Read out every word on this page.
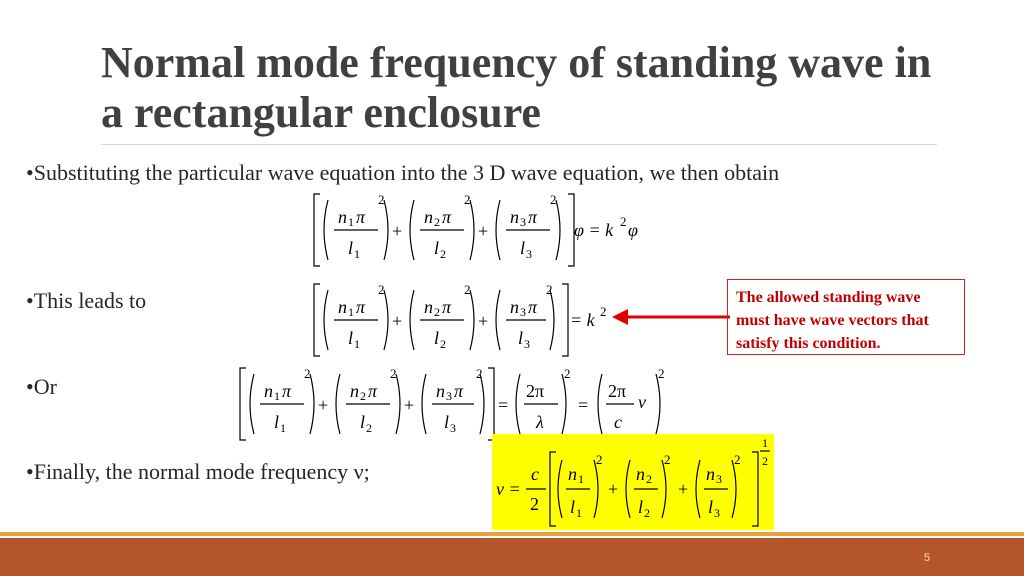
Normal mode frequency of standing wave in a rectangular enclosure
•Substituting the particular wave equation into the 3 D wave equation, we then obtain
•This leads to
•Or
•Finally, the normal mode frequency ν;
n 1 π
l 1
+
n 2 π
l 2
+
n 3 π
l 3
2	2	2
φ = k 2 φ
n 1 π
l 1
+
n 2 π
l 2
+
n 3 π
l 3
2	2	2
= k 2
n 1 π
l 1
+
n 2 π
l 2
+
n 3 π
l 3
2	2	2
=
2π
λ
2
=
2π
c
ν
2
ν =
c
2
n 1
l 1
+
n 2
l 2
+
n 3
l 3
2	2	2
1
2
The allowed standing wave must have wave vectors that satisfy this condition.
5
